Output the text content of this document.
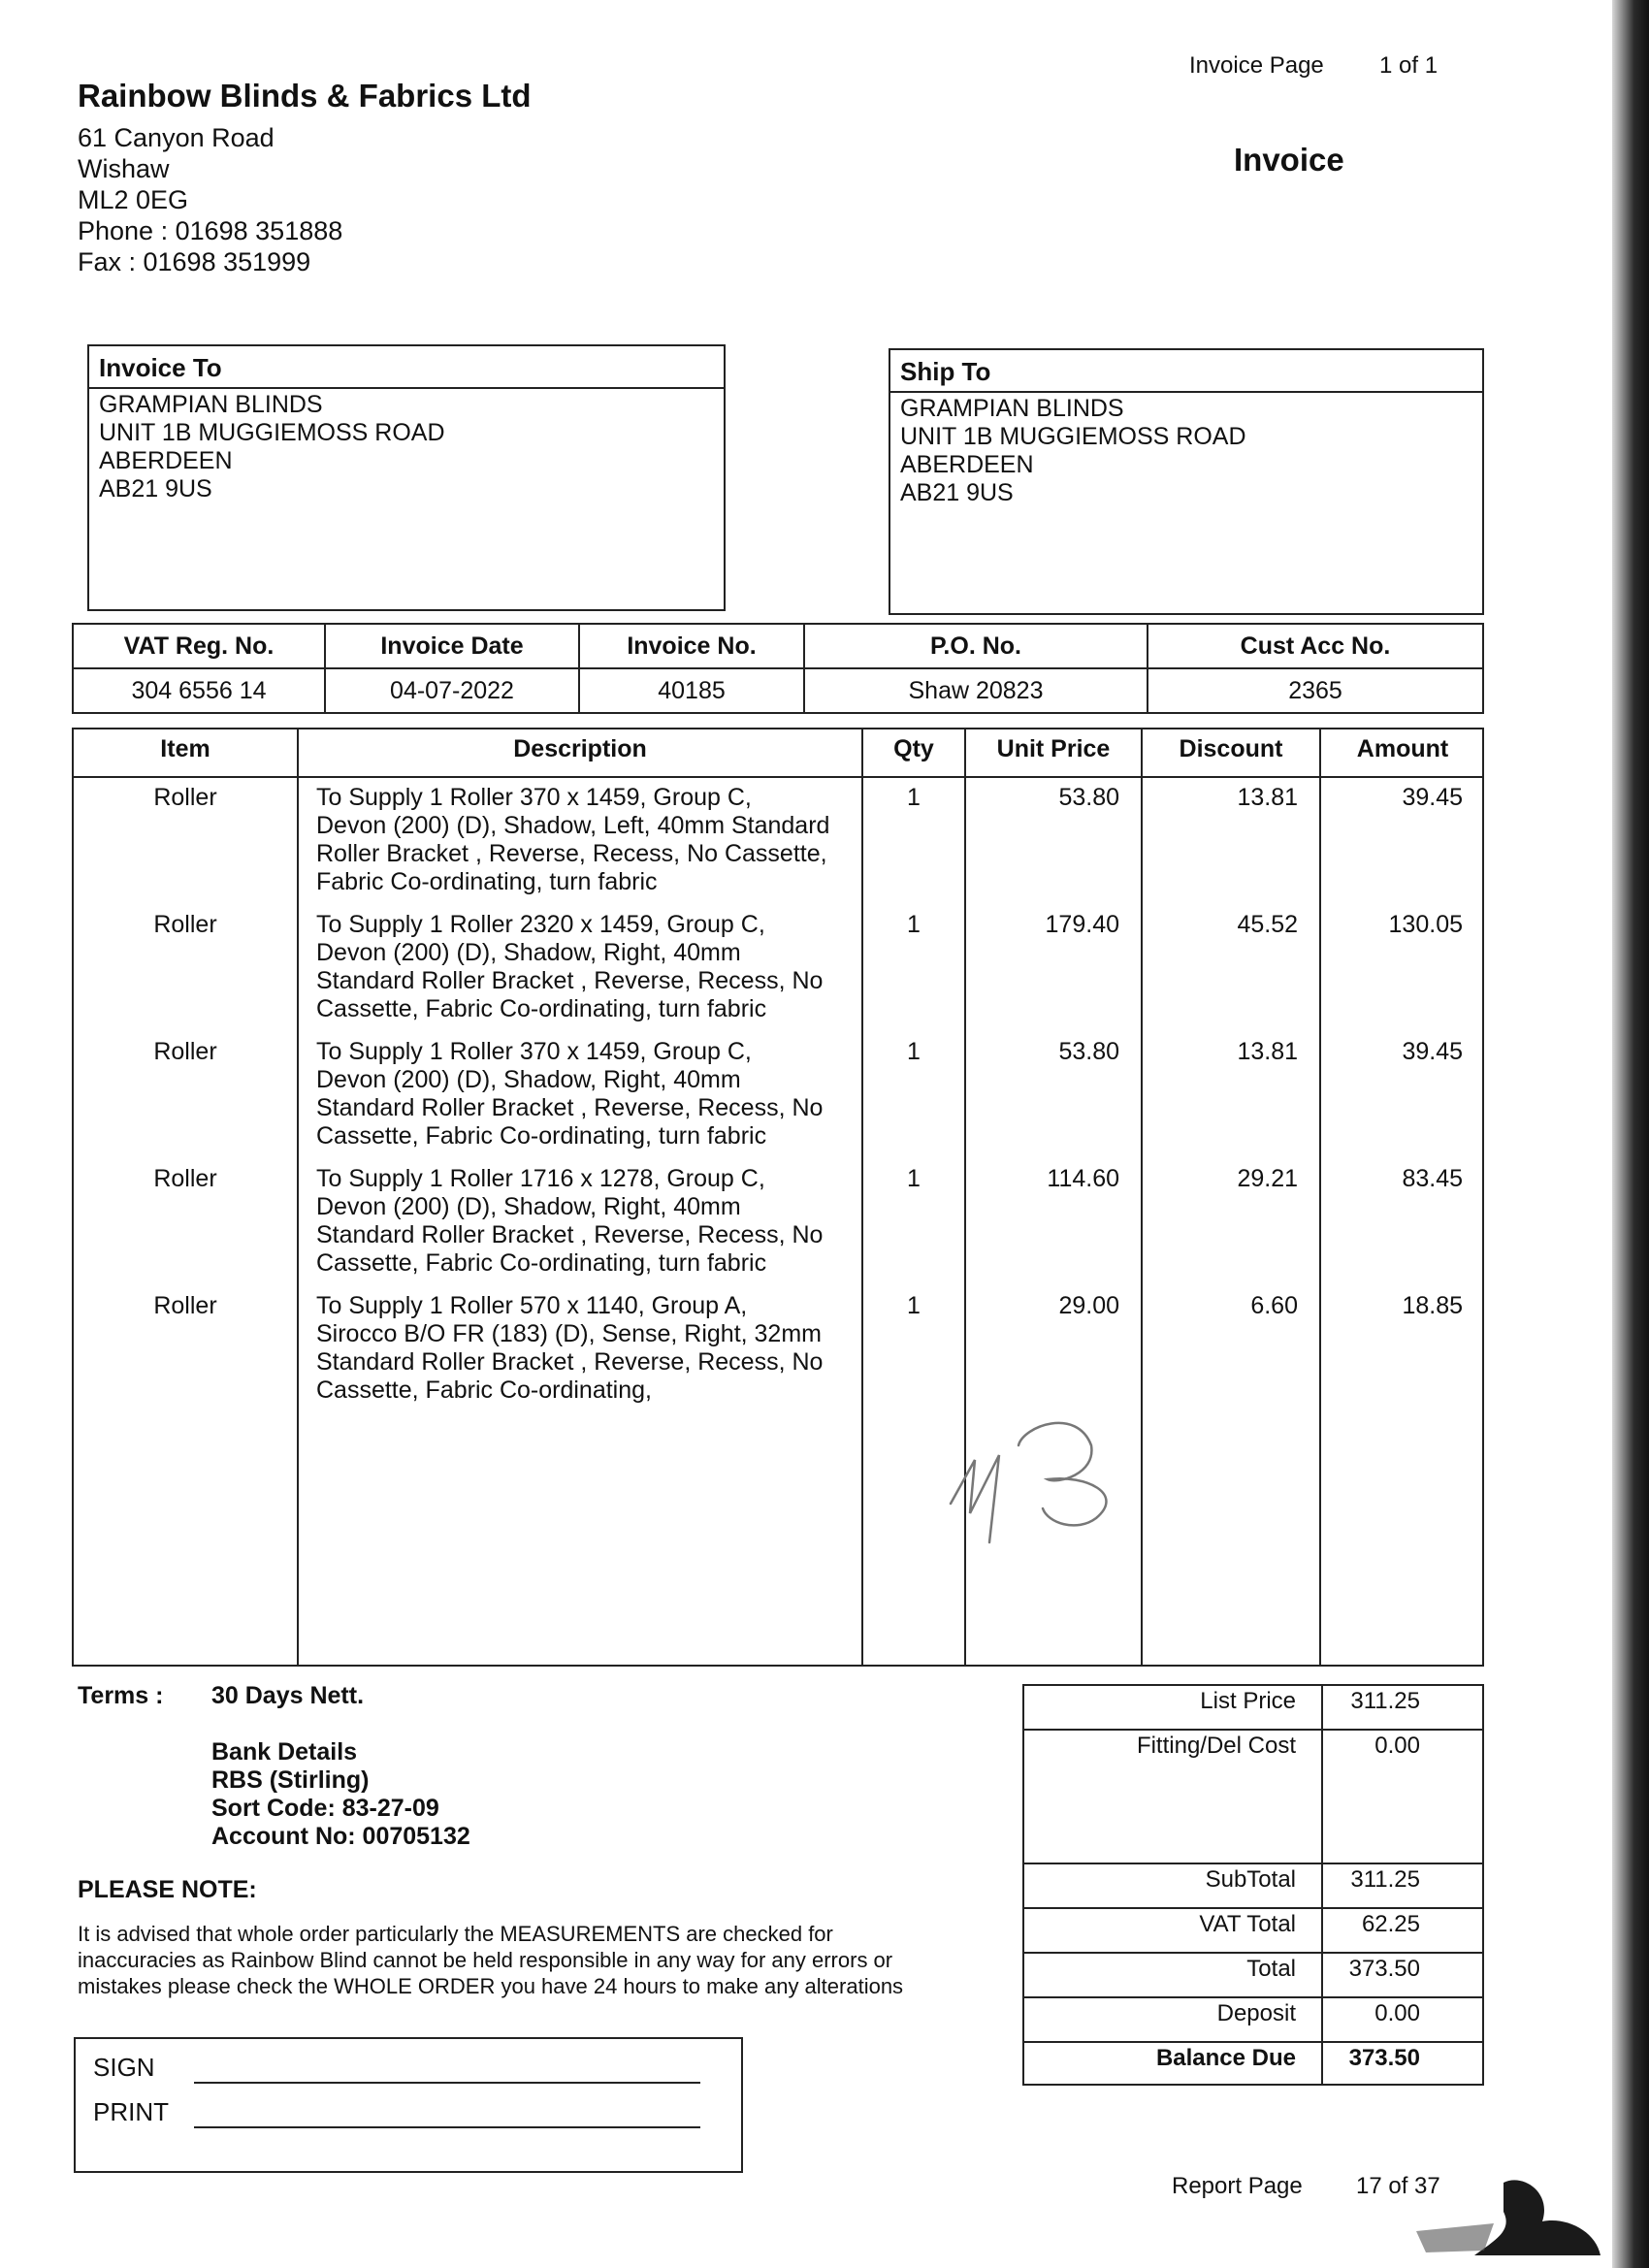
Invoice Page 1 of 1
Rainbow Blinds & Fabrics Ltd
61 Canyon Road
Wishaw
ML2 0EG
Phone : 01698 351888
Fax : 01698 351999
Invoice
Invoice To
GRAMPIAN BLINDS
UNIT 1B MUGGIEMOSS ROAD
ABERDEEN
AB21 9US
Ship To
GRAMPIAN BLINDS
UNIT 1B MUGGIEMOSS ROAD
ABERDEEN
AB21 9US
VAT Reg. No.	Invoice Date	Invoice No.	P.O. No.	Cust Acc No.
304 6556 14	04-07-2022	40185	Shaw 20823	2365
Item	Description	Qty	Unit Price	Discount	Amount
Roller	To Supply 1 Roller 370 x 1459, Group C,
Devon (200) (D), Shadow, Left, 40mm Standard
Roller Bracket , Reverse, Recess, No Cassette,
Fabric Co-ordinating, turn fabric
1	53.80	13.81	39.45
Roller	To Supply 1 Roller 2320 x 1459, Group C,
Devon (200) (D), Shadow, Right, 40mm
Standard Roller Bracket , Reverse, Recess, No
Cassette, Fabric Co-ordinating, turn fabric
1	179.40	45.52	130.05
Roller	To Supply 1 Roller 370 x 1459, Group C,
Devon (200) (D), Shadow, Right, 40mm
Standard Roller Bracket , Reverse, Recess, No
Cassette, Fabric Co-ordinating, turn fabric
1	53.80	13.81	39.45
Roller	To Supply 1 Roller 1716 x 1278, Group C,
Devon (200) (D), Shadow, Right, 40mm
Standard Roller Bracket , Reverse, Recess, No
Cassette, Fabric Co-ordinating, turn fabric
1	114.60	29.21	83.45
Roller	To Supply 1 Roller 570 x 1140, Group A,
Sirocco B/O FR (183) (D), Sense, Right, 32mm
Standard Roller Bracket , Reverse, Recess, No
Cassette, Fabric Co-ordinating,
1	29.00	6.60	18.85
Terms : 30 Days Nett.
Bank Details
RBS (Stirling)
Sort Code: 83-27-09
Account No: 00705132
PLEASE NOTE:
It is advised that whole order particularly the MEASUREMENTS are checked for
inaccuracies as Rainbow Blind cannot be held responsible in any way for any errors or
mistakes please check the WHOLE ORDER you have 24 hours to make any alterations
SIGN
PRINT
List Price	311.25
Fitting/Del Cost	0.00
SubTotal	311.25
VAT Total	62.25
Total	373.50
Deposit	0.00
Balance Due	373.50
Report Page 17 of 37
